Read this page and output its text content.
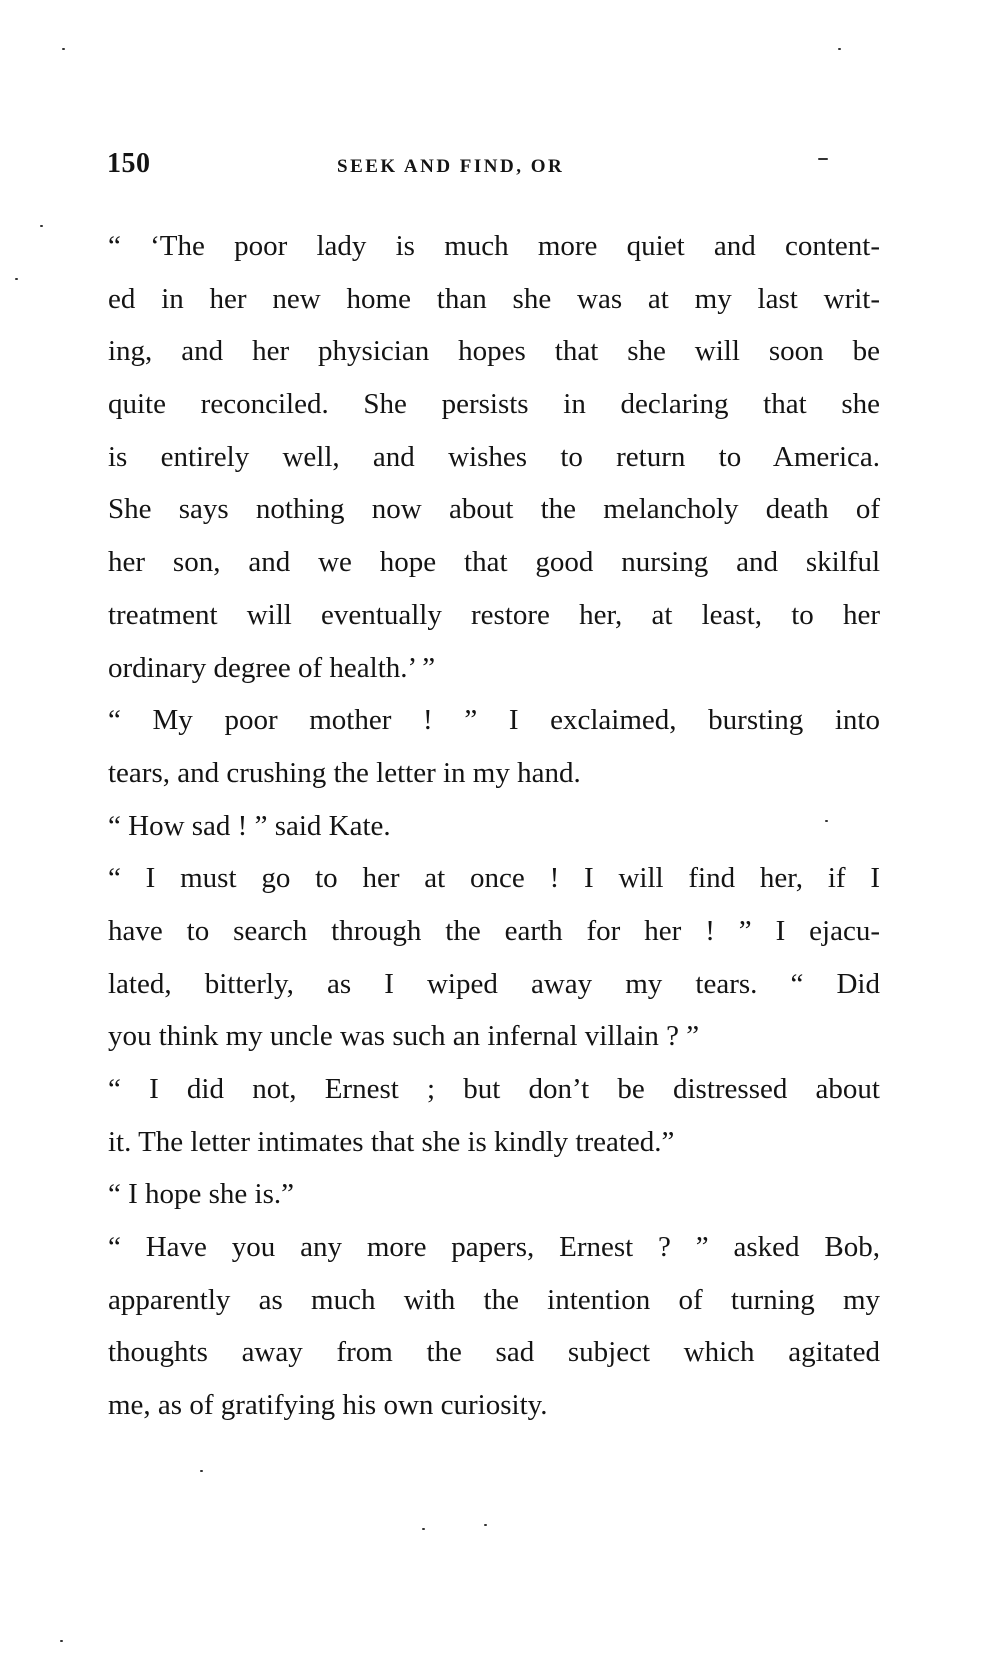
150	SEEK AND FIND, OR
“ ‘The poor lady is much more quiet and content-
ed in her new home than she was at my last writ-
ing, and her physician hopes that she will soon be
quite reconciled. She persists in declaring that she
is entirely well, and wishes to return to America.
She says nothing now about the melancholy death of
her son, and we hope that good nursing and skilful
treatment will eventually restore her, at least, to her
ordinary degree of health.’ ”
“ My poor mother ! ” I exclaimed, bursting into
tears, and crushing the letter in my hand.
“ How sad ! ” said Kate.
“ I must go to her at once ! I will find her, if I
have to search through the earth for her ! ” I ejacu-
lated, bitterly, as I wiped away my tears. “ Did
you think my uncle was such an infernal villain ? ”
“ I did not, Ernest ; but don’t be distressed about
it. The letter intimates that she is kindly treated.”
“ I hope she is.”
“ Have you any more papers, Ernest ? ” asked Bob,
apparently as much with the intention of turning my
thoughts away from the sad subject which agitated
me, as of gratifying his own curiosity.
